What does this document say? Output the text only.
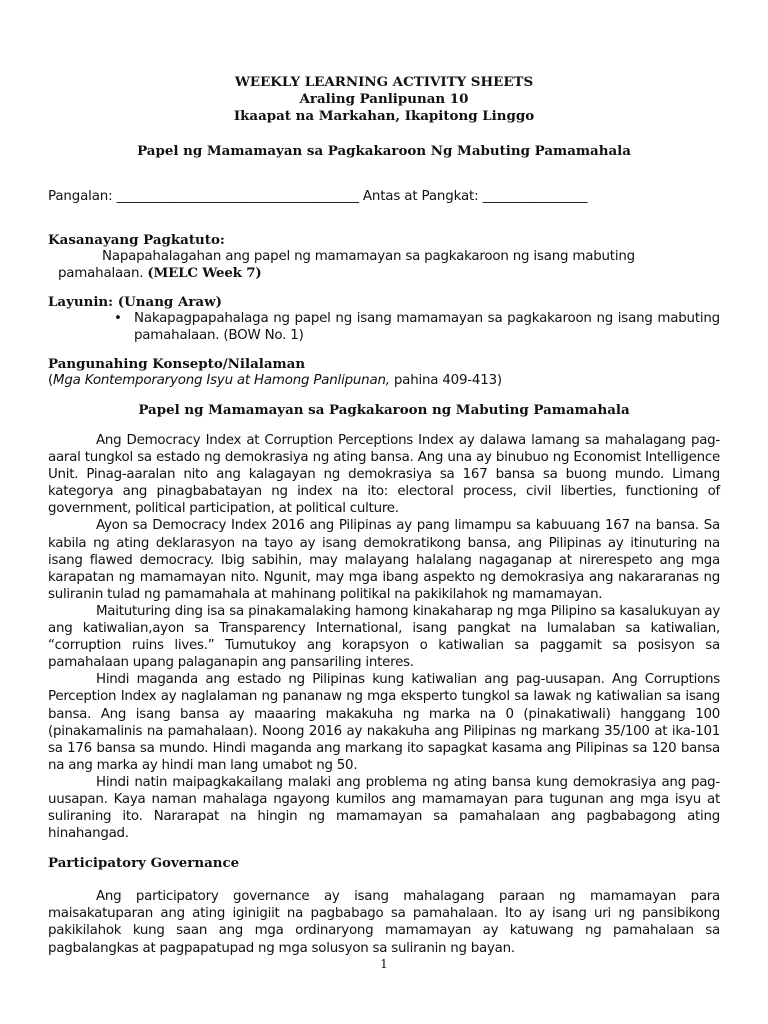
WEEKLY LEARNING ACTIVITY SHEETS
Araling Panlipunan 10
Ikaapat na Markahan, Ikapitong Linggo
Papel ng Mamamayan sa Pagkakaroon Ng Mabuting Pamamahala
Pangalan: _____________________________________ Antas at Pangkat: ________________
Kasanayang Pagkatuto:
Napapahalagahan ang papel ng mamamayan sa pagkakaroon ng isang mabuting pamahalaan. (MELC Week 7)
Layunin: (Unang Araw)
• Nakapagpapahalaga ng papel ng isang mamamayan sa pagkakaroon ng isang mabuting pamahalaan. (BOW No. 1)
Pangunahing Konsepto/Nilalaman
(Mga Kontemporaryong Isyu at Hamong Panlipunan, pahina 409-413)
Papel ng Mamamayan sa Pagkakaroon ng Mabuting Pamamahala

Ang Democracy Index at Corruption Perceptions Index ay dalawa lamang sa mahalagang pag-aaral tungkol sa estado ng demokrasiya ng ating bansa. Ang una ay binubuo ng Economist Intelligence Unit. Pinag-aaralan nito ang kalagayan ng demokrasiya sa 167 bansa sa buong mundo. Limang kategorya ang pinagbabatayan ng index na ito: electoral process, civil liberties, functioning of government, political participation, at political culture.

Ayon sa Democracy Index 2016 ang Pilipinas ay pang limampu sa kabuuang 167 na bansa. Sa kabila ng ating deklarasyon na tayo ay isang demokratikong bansa, ang Pilipinas ay itinuturing na isang flawed democracy. Ibig sabihin, may malayang halalang nagaganap at nirerespeto ang mga karapatan ng mamamayan nito. Ngunit, may mga ibang aspekto ng demokrasiya ang nakararanas ng suliranin tulad ng pamamahala at mahinang politikal na pakikilahok ng mamamayan.

Maituturing ding isa sa pinakamalaking hamong kinakaharap ng mga Pilipino sa kasalukuyan ay ang katiwalian,ayon sa Transparency International, isang pangkat na lumalaban sa katiwalian, “corruption ruins lives.” Tumutukoy ang korapsyon o katiwalian sa paggamit sa posisyon sa pamahalaan upang palaganapin ang pansariling interes.

Hindi maganda ang estado ng Pilipinas kung katiwalian ang pag-uusapan. Ang Corruptions Perception Index ay naglalaman ng pananaw ng mga eksperto tungkol sa lawak ng katiwalian sa isang bansa. Ang isang bansa ay maaaring makakuha ng marka na 0 (pinakatiwali) hanggang 100 (pinakamalinis na pamahalaan). Noong 2016 ay nakakuha ang Pilipinas ng markang 35/100 at ika-101 sa 176 bansa sa mundo. Hindi maganda ang markang ito sapagkat kasama ang Pilipinas sa 120 bansa na ang marka ay hindi man lang umabot ng 50.

Hindi natin maipagkakailang malaki ang problema ng ating bansa kung demokrasiya ang pag-uusapan. Kaya naman mahalaga ngayong kumilos ang mamamayan para tugunan ang mga isyu at suliraning ito. Nararapat na hingin ng mamamayan sa pamahalaan ang pagbabagong ating hinahangad.

Participatory Governance

Ang participatory governance ay isang mahalagang paraan ng mamamayan para maisakatuparan ang ating iginigiit na pagbabago sa pamahalaan. Ito ay isang uri ng pansibikong pakikilahok kung saan ang mga ordinaryong mamamayan ay katuwang ng pamahalaan sa pagbalangkas at pagpapatupad ng mga solusyon sa suliranin ng bayan.

1
